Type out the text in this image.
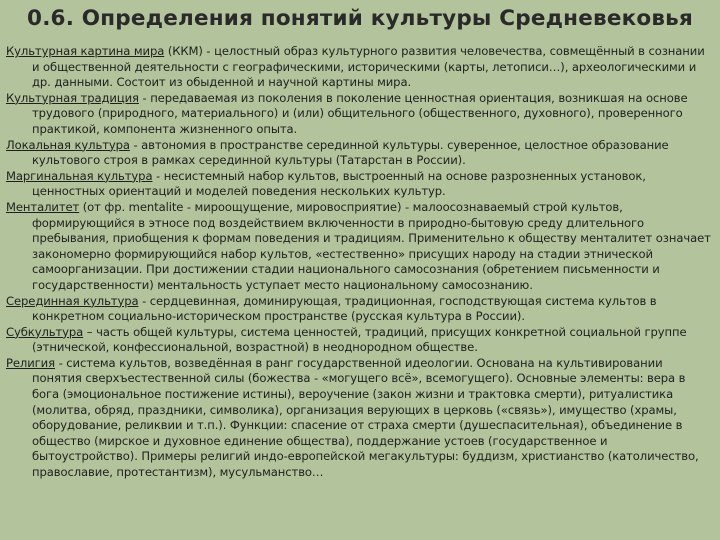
0.6. Определения понятий культуры Средневековья

Культурная картина мира (ККМ) - целостный образ культурного развития человечества, совмещённый в сознании и общественной деятельности с географическими, историческими (карты, летописи…), археологическими и др. данными. Состоит из обыденной и научной картины мира.

Культурная традиция - передаваемая из поколения в поколение ценностная ориентация, возникшая на основе трудового (природного, материального) и (или) общительного (общественного, духовного), проверенного практикой, компонента жизненного опыта.

Локальная культура - автономия в пространстве серединной культуры. суверенное, целостное образование культового строя в рамках серединной культуры (Татарстан в России).

Маргинальная культура - несистемный набор культов, выстроенный на основе разрозненных установок, ценностных ориентаций и моделей поведения нескольких культур.

Менталитет (от фр. mentalite - мироощущение, мировосприятие) - малоосознаваемый строй культов, формирующийся в этносе под воздействием включенности в природно-бытовую среду длительного пребывания, приобщения к формам поведения и традициям. Применительно к обществу менталитет означает закономерно формирующийся набор культов, «естественно» присущих народу на стадии этнической самоорганизации. При достижении стадии национального самосознания (обретением письменности и государственности) ментальность уступает место национальному самосознанию.

Серединная культура - сердцевинная, доминирующая, традиционная, господствующая система культов в конкретном социально-историческом пространстве (русская культура в России).

Субкультура – часть общей культуры, система ценностей, традиций, присущих конкретной социальной группе (этнической, конфессиональной, возрастной) в неоднородном обществе.

Религия - система культов, возведённая в ранг государственной идеологии. Основана на культивировании понятия сверхъестественной силы (божества - «могущего всё», всемогущего). Основные элементы: вера в бога (эмоциональное постижение истины), вероучение (закон жизни и трактовка смерти), ритуалистика (молитва, обряд, праздники, символика), организация верующих в церковь («связь»), имущество (храмы, оборудование, реликвии и т.п.). Функции: спасение от страха смерти (душеспасительная), объединение в общество (мирское и духовное единение общества), поддержание устоев (государственное и бытоустройство). Примеры религий индо-европейской мегакультуры: буддизм, христианство (католичество, православие, протестантизм), мусульманство…
